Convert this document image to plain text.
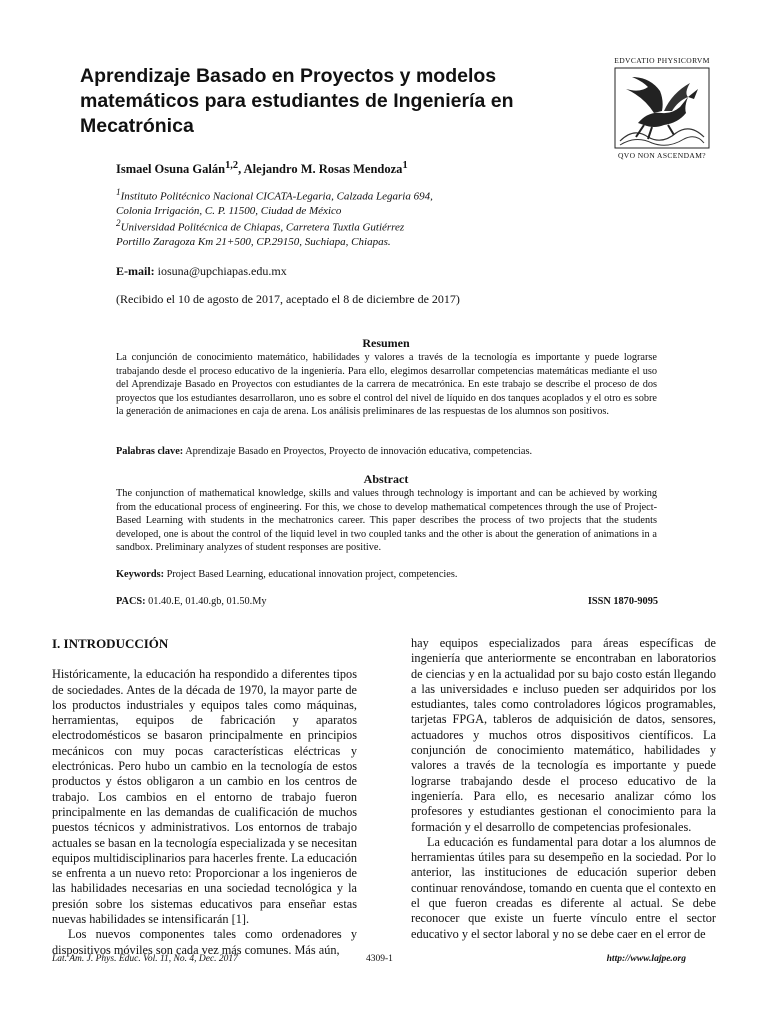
Aprendizaje Basado en Proyectos y modelos matemáticos para estudiantes de Ingeniería en Mecatrónica
EDVCATIO PHYSICORVM
QVO NON ASCENDAM?
Ismael Osuna Galán$^{1,2}$, Alejandro M. Rosas Mendoza$^1$
$^1$Instituto Politécnico Nacional CICATA-Legaria, Calzada Legaria 694,
Colonia Irrigación, C. P. 11500, Ciudad de México
$^2$Universidad Politécnica de Chiapas, Carretera Tuxtla Gutiérrez
Portillo Zaragoza Km 21+500, CP.29150, Suchiapa, Chiapas.
E-mail: iosuna@upchiapas.edu.mx
(Recibido el 10 de agosto de 2017, aceptado el 8 de diciembre de 2017)
Resumen
La conjunción de conocimiento matemático, habilidades y valores a través de la tecnología es importante y puede lograrse trabajando desde el proceso educativo de la ingeniería. Para ello, elegimos desarrollar competencias matemáticas mediante el uso del Aprendizaje Basado en Proyectos con estudiantes de la carrera de mecatrónica. En este trabajo se describe el proceso de dos proyectos que los estudiantes desarrollaron, uno es sobre el control del nivel de líquido en dos tanques acoplados y el otro es sobre la generación de animaciones en caja de arena. Los análisis preliminares de las respuestas de los alumnos son positivos.
Palabras clave: Aprendizaje Basado en Proyectos, Proyecto de innovación educativa, competencias.
Abstract
The conjunction of mathematical knowledge, skills and values through technology is important and can be achieved by working from the educational process of engineering. For this, we chose to develop mathematical competences through the use of Project-Based Learning with students in the mechatronics career. This paper describes the process of two projects that the students developed, one is about the control of the liquid level in two coupled tanks and the other is about the generation of animations in a sandbox. Preliminary analyzes of student responses are positive.
Keywords: Project Based Learning, educational innovation project, competencies.
PACS: 01.40.E, 01.40.gb, 01.50.My	ISSN 1870-9095
I. INTRODUCCIÓN

Históricamente, la educación ha respondido a diferentes tipos de sociedades. Antes de la década de 1970, la mayor parte de los productos industriales y equipos tales como máquinas, herramientas, equipos de fabricación y aparatos electrodomésticos se basaron principalmente en principios mecánicos con muy pocas características eléctricas y electrónicas. Pero hubo un cambio en la tecnología de estos productos y éstos obligaron a un cambio en los centros de trabajo. Los cambios en el entorno de trabajo fueron principalmente en las demandas de cualificación de muchos puestos técnicos y administrativos. Los entornos de trabajo actuales se basan en la tecnología especializada y se necesitan equipos multidisciplinarios para hacerles frente. La educación se enfrenta a un nuevo reto: Proporcionar a los ingenieros de las habilidades necesarias en una sociedad tecnológica y la presión sobre los sistemas educativos para enseñar estas nuevas habilidades se intensificarán [1].

Los nuevos componentes tales como ordenadores y dispositivos móviles son cada vez más comunes. Más aún,

hay equipos especializados para áreas específicas de ingeniería que anteriormente se encontraban en laboratorios de ciencias y en la actualidad por su bajo costo están llegando a las universidades e incluso pueden ser adquiridos por los estudiantes, tales como controladores lógicos programables, tarjetas FPGA, tableros de adquisición de datos, sensores, actuadores y muchos otros dispositivos científicos. La conjunción de conocimiento matemático, habilidades y valores a través de la tecnología es importante y puede lograrse trabajando desde el proceso educativo de la ingeniería. Para ello, es necesario analizar cómo los profesores y estudiantes gestionan el conocimiento para la formación y el desarrollo de competencias profesionales.

La educación es fundamental para dotar a los alumnos de herramientas útiles para su desempeño en la sociedad. Por lo anterior, las instituciones de educación superior deben continuar renovándose, tomando en cuenta que el contexto en el que fueron creadas es diferente al actual. Se debe reconocer que existe un fuerte vínculo entre el sector educativo y el sector laboral y no se debe caer en el error de

Lat. Am. J. Phys. Educ. Vol. 11, No. 4, Dec. 2017	4309-1	http://www.lajpe.org
